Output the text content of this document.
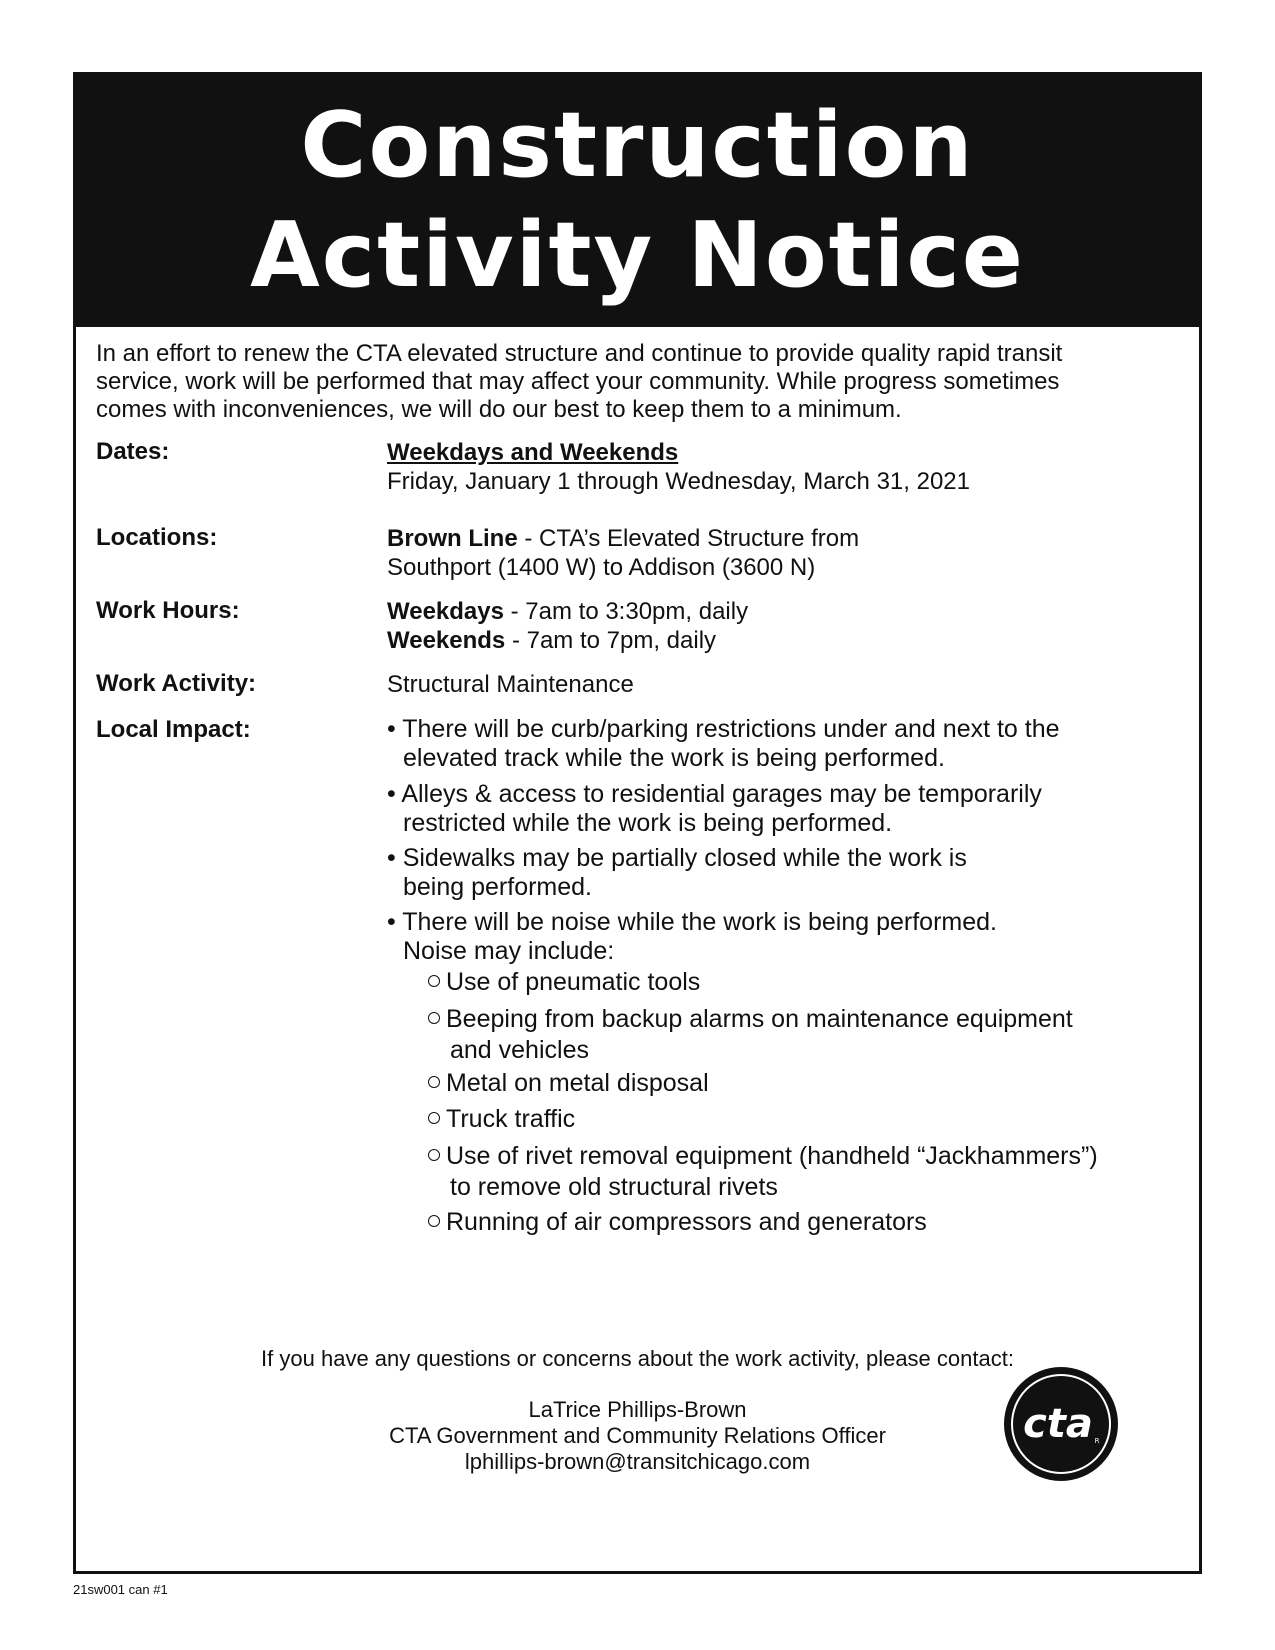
Construction
Activity Notice
In an effort to renew the CTA elevated structure and continue to provide quality rapid transit
service, work will be performed that may affect your community. While progress sometimes
comes with inconveniences, we will do our best to keep them to a minimum.
Dates:	Weekdays and Weekends
Friday, January 1 through Wednesday, March 31, 2021
Locations:	Brown Line - CTA’s Elevated Structure from
Southport (1400 W) to Addison (3600 N)
Work Hours:	Weekdays - 7am to 3:30pm, daily
Weekends - 7am to 7pm, daily
Work Activity:	Structural Maintenance
Local Impact:	• There will be curb/parking restrictions under and next to the
elevated track while the work is being performed.
• Alleys & access to residential garages may be temporarily
restricted while the work is being performed.
• Sidewalks may be partially closed while the work is
being performed.
• There will be noise while the work is being performed.
Noise may include:
Use of pneumatic tools
Beeping from backup alarms on maintenance equipment
and vehicles
Metal on metal disposal
Truck traffic
Use of rivet removal equipment (handheld “Jackhammers”)
to remove old structural rivets
Running of air compressors and generators
If you have any questions or concerns about the work activity, please contact:
LaTrice Phillips-Brown
CTA Government and Community Relations Officer
lphillips-brown@transitchicago.com
cta R
21sw001 can #1
